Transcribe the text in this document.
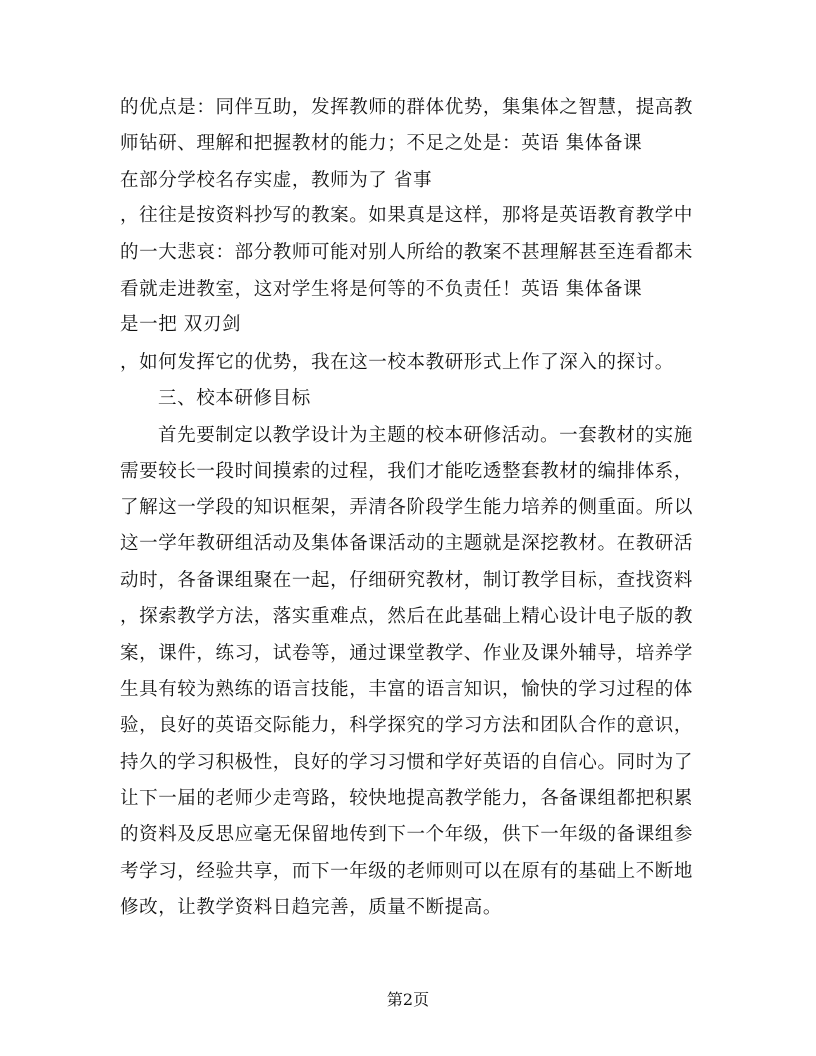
的优点是：同伴互助，发挥教师的群体优势，集集体之智慧，提高教
师钻研、理解和把握教材的能力；不足之处是：英语 集体备课
在部分学校名存实虚，教师为了 省事
，往往是按资料抄写的教案。如果真是这样，那将是英语教育教学中
的一大悲哀：部分教师可能对别人所给的教案不甚理解甚至连看都未
看就走进教室，这对学生将是何等的不负责任！英语 集体备课
是一把 双刃剑
，如何发挥它的优势，我在这一校本教研形式上作了深入的探讨。
三、校本研修目标
首先要制定以教学设计为主题的校本研修活动。一套教材的实施
需要较长一段时间摸索的过程，我们才能吃透整套教材的编排体系，
了解这一学段的知识框架，弄清各阶段学生能力培养的侧重面。所以
这一学年教研组活动及集体备课活动的主题就是深挖教材。在教研活
动时，各备课组聚在一起，仔细研究教材，制订教学目标，查找资料
，探索教学方法，落实重难点，然后在此基础上精心设计电子版的教
案，课件，练习，试卷等，通过课堂教学、作业及课外辅导，培养学
生具有较为熟练的语言技能，丰富的语言知识，愉快的学习过程的体
验，良好的英语交际能力，科学探究的学习方法和团队合作的意识，
持久的学习积极性，良好的学习习惯和学好英语的自信心。同时为了
让下一届的老师少走弯路，较快地提高教学能力，各备课组都把积累
的资料及反思应毫无保留地传到下一个年级，供下一年级的备课组参
考学习，经验共享，而下一年级的老师则可以在原有的基础上不断地
修改，让教学资料日趋完善，质量不断提高。
第2页
